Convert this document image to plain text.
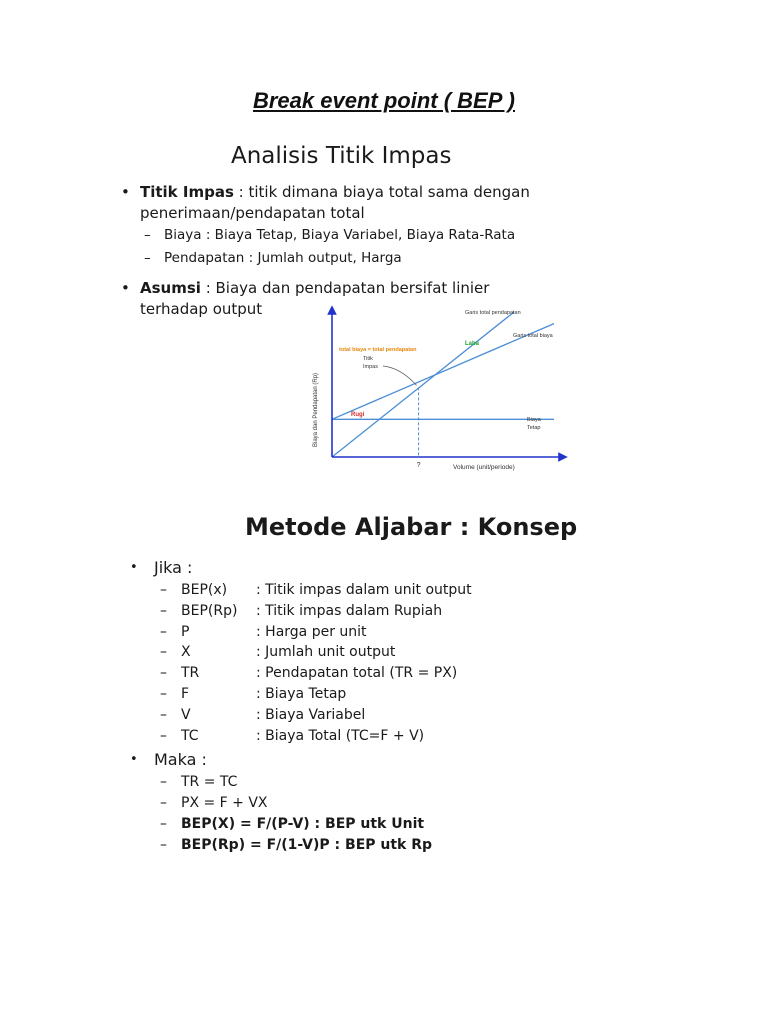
Break event point ( BEP )
Analisis Titik Impas
• Titik Impas : titik dimana biaya total sama dengan penerimaan/pendapatan total
– Biaya : Biaya Tetap, Biaya Variabel, Biaya Rata-Rata
– Pendapatan : Jumlah output, Harga
• Asumsi : Biaya dan pendapatan bersifat linier terhadap output
Volume (unit/periode)
Biaya dan Pendapatan (Rp)
?
Garis total pendapatan
Garis total biaya
Biaya
Tetap
total biaya = total pendapatan
Laba
Rugi
Titik
Impas
Metode Aljabar : Konsep
• Jika :
– BEP(x) : Titik impas dalam unit output
– BEP(Rp) : Titik impas dalam Rupiah
– P	: Harga per unit
– X	: Jumlah unit output
– TR	: Pendapatan total (TR = PX)
– F	: Biaya Tetap
– V	: Biaya Variabel
– TC	: Biaya Total (TC=F + V)
• Maka :
– TR = TC
– PX = F + VX
– BEP(X) = F/(P-V) : BEP utk Unit
– BEP(Rp) = F/(1-V)P : BEP utk Rp
